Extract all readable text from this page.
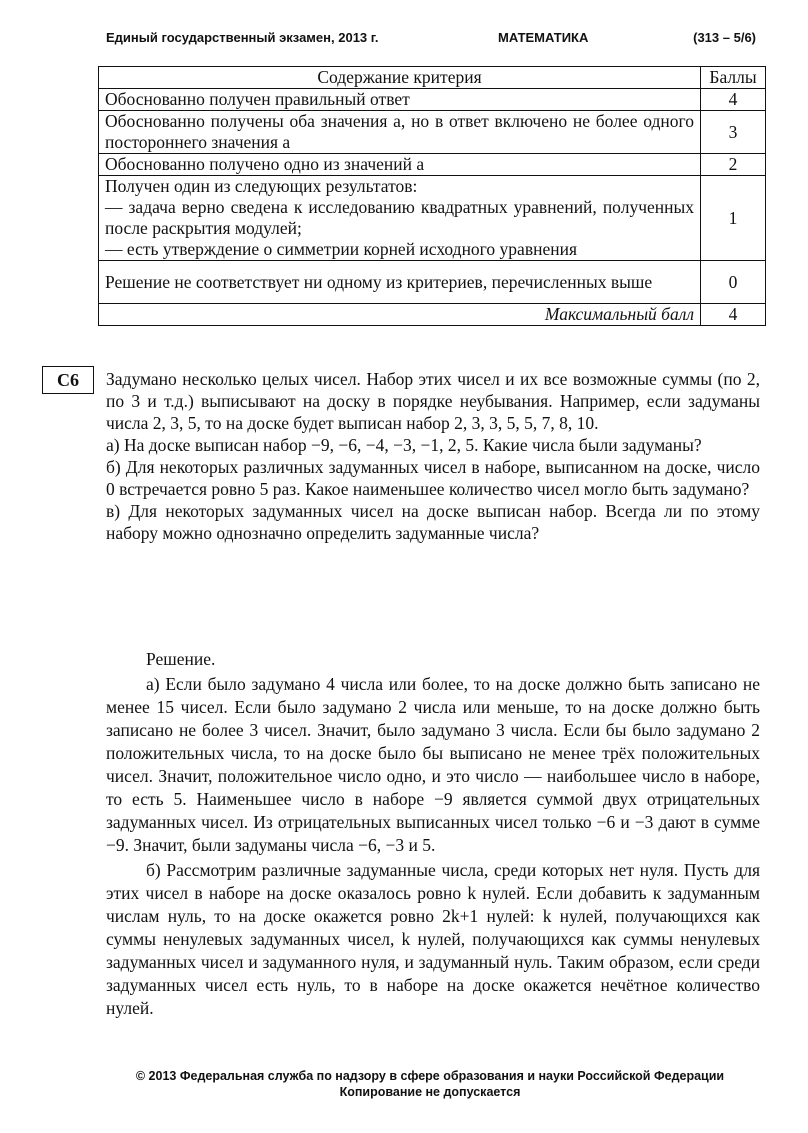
Единый государственный экзамен, 2013 г.	МАТЕМАТИКА	(313 – 5/6)
Содержание критерия	Баллы
Обоснованно получен правильный ответ	4
Обоснованно получены оба значения a, но в ответ включено не более одного постороннего значения a	3
Обоснованно получено одно из значений a	2

Получен один из следующих результатов:
— задача верно сведена к исследованию квадратных уравнений, полученных после раскрытия модулей;
— есть утверждение о симметрии корней исходного уравнения	1
Решение не соответствует ни одному из критериев, перечисленных выше	0
Максимальный балл	4
C6	Задумано несколько целых чисел. Набор этих чисел и их все возможные суммы (по 2, по 3 и т.д.) выписывают на доску в порядке неубывания. Например, если задуманы числа 2, 3, 5, то на доске будет выписан набор 2, 3, 3, 5, 5, 7, 8, 10.

а) На доске выписан набор −9, −6, −4, −3, −1, 2, 5. Какие числа были задуманы?

б) Для некоторых различных задуманных чисел в наборе, выписанном на доске, число 0 встречается ровно 5 раз. Какое наименьшее количество чисел могло быть задумано?

в) Для некоторых задуманных чисел на доске выписан набор. Всегда ли по этому набору можно однозначно определить задуманные числа?

Решение.

а) Если было задумано 4 числа или более, то на доске должно быть записано не менее 15 чисел. Если было задумано 2 числа или меньше, то на доске должно быть записано не более 3 чисел. Значит, было задумано 3 числа. Если бы было задумано 2 положительных числа, то на доске было бы выписано не менее трёх положительных чисел. Значит, положительное число одно, и это число — наибольшее число в наборе, то есть 5. Наименьшее число в наборе −9 является суммой двух отрицательных задуманных чисел. Из отрицательных выписанных чисел только −6 и −3 дают в сумме −9. Значит, были задуманы числа −6, −3 и 5.

б) Рассмотрим различные задуманные числа, среди которых нет нуля. Пусть для этих чисел в наборе на доске оказалось ровно k нулей. Если добавить к задуманным числам нуль, то на доске окажется ровно 2k+1 нулей: k нулей, получающихся как суммы ненулевых задуманных чисел, k нулей, получающихся как суммы ненулевых задуманных чисел и задуманного нуля, и задуманный нуль. Таким образом, если среди задуманных чисел есть нуль, то в наборе на доске окажется нечётное количество нулей.

© 2013 Федеральная служба по надзору в сфере образования и науки Российской Федерации
Копирование не допускается
